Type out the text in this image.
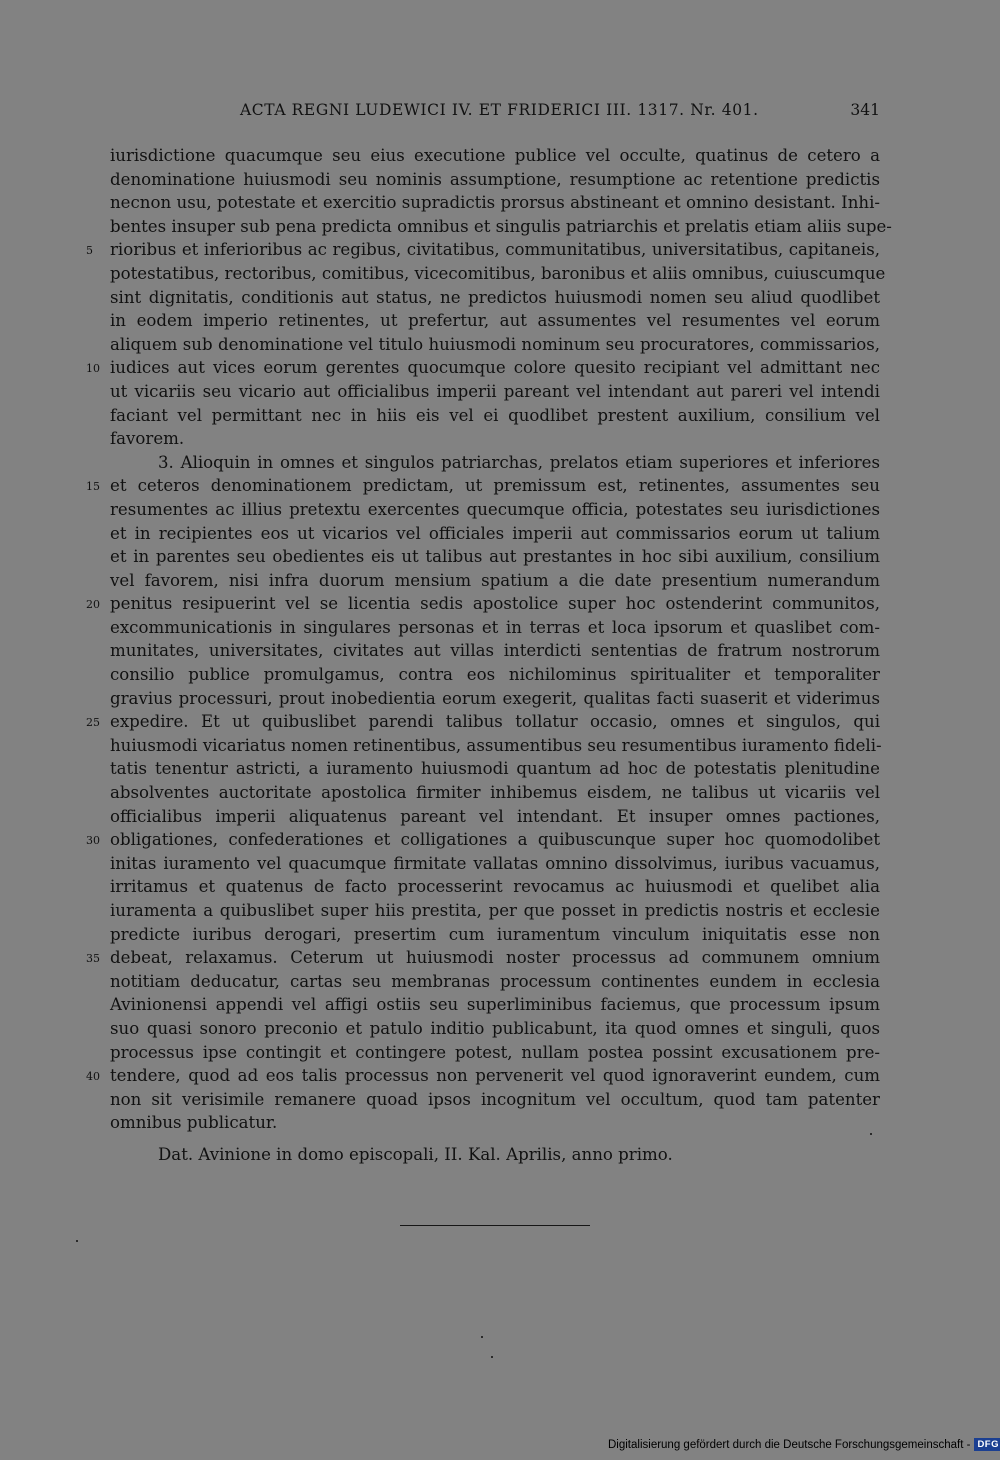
ACTA REGNI LUDEWICI IV. ET FRIDERICI III. 1317. Nr. 401.	341
iurisdictione quacumque seu eius executione publice vel occulte, quatinus de cetero a
denominatione huiusmodi seu nominis assumptione, resumptione ac retentione predictis
necnon usu, potestate et exercitio supradictis prorsus abstineant et omnino desistant. Inhi-
bentes insuper sub pena predicta omnibus et singulis patriarchis et prelatis etiam aliis supe-
5 rioribus et inferioribus ac regibus, civitatibus, communitatibus, universitatibus, capitaneis,
potestatibus, rectoribus, comitibus, vicecomitibus, baronibus et aliis omnibus, cuiuscumque
sint dignitatis, conditionis aut status, ne predictos huiusmodi nomen seu aliud quodlibet
in eodem imperio retinentes, ut prefertur, aut assumentes vel resumentes vel eorum
aliquem sub denominatione vel titulo huiusmodi nominum seu procuratores, commissarios,
10 iudices aut vices eorum gerentes quocumque colore quesito recipiant vel admittant nec
ut vicariis seu vicario aut officialibus imperii pareant vel intendant aut pareri vel intendi
faciant vel permittant nec in hiis eis vel ei quodlibet prestent auxilium, consilium vel
favorem.
3. Alioquin in omnes et singulos patriarchas, prelatos etiam superiores et inferiores
15 et ceteros denominationem predictam, ut premissum est, retinentes, assumentes seu
resumentes ac illius pretextu exercentes quecumque officia, potestates seu iurisdictiones
et in recipientes eos ut vicarios vel officiales imperii aut commissarios eorum ut talium
et in parentes seu obedientes eis ut talibus aut prestantes in hoc sibi auxilium, consilium
vel favorem, nisi infra duorum mensium spatium a die date presentium numerandum
20 penitus resipuerint vel se licentia sedis apostolice super hoc ostenderint communitos,
excommunicationis in singulares personas et in terras et loca ipsorum et quaslibet com-
munitates, universitates, civitates aut villas interdicti sententias de fratrum nostrorum
consilio publice promulgamus, contra eos nichilominus spiritualiter et temporaliter
gravius processuri, prout inobedientia eorum exegerit, qualitas facti suaserit et viderimus
25 expedire. Et ut quibuslibet parendi talibus tollatur occasio, omnes et singulos, qui
huiusmodi vicariatus nomen retinentibus, assumentibus seu resumentibus iuramento fideli-
tatis tenentur astricti, a iuramento huiusmodi quantum ad hoc de potestatis plenitudine
absolventes auctoritate apostolica firmiter inhibemus eisdem, ne talibus ut vicariis vel
officialibus imperii aliquatenus pareant vel intendant. Et insuper omnes pactiones,
30 obligationes, confederationes et colligationes a quibuscunque super hoc quomodolibet
initas iuramento vel quacumque firmitate vallatas omnino dissolvimus, iuribus vacuamus,
irritamus et quatenus de facto processerint revocamus ac huiusmodi et quelibet alia
iuramenta a quibuslibet super hiis prestita, per que posset in predictis nostris et ecclesie
predicte iuribus derogari, presertim cum iuramentum vinculum iniquitatis esse non
35 debeat, relaxamus. Ceterum ut huiusmodi noster processus ad communem omnium
notitiam deducatur, cartas seu membranas processum continentes eundem in ecclesia
Avinionensi appendi vel affigi ostiis seu superliminibus faciemus, que processum ipsum
suo quasi sonoro preconio et patulo inditio publicabunt, ita quod omnes et singuli, quos
processus ipse contingit et contingere potest, nullam postea possint excusationem pre-
40 tendere, quod ad eos talis processus non pervenerit vel quod ignoraverint eundem, cum
non sit verisimile remanere quoad ipsos incognitum vel occultum, quod tam patenter
omnibus publicatur.
Dat. Avinione in domo episcopali, II. Kal. Aprilis, anno primo.
Digitalisierung gefördert durch die Deutsche Forschungsgemeinschaft - DFG
